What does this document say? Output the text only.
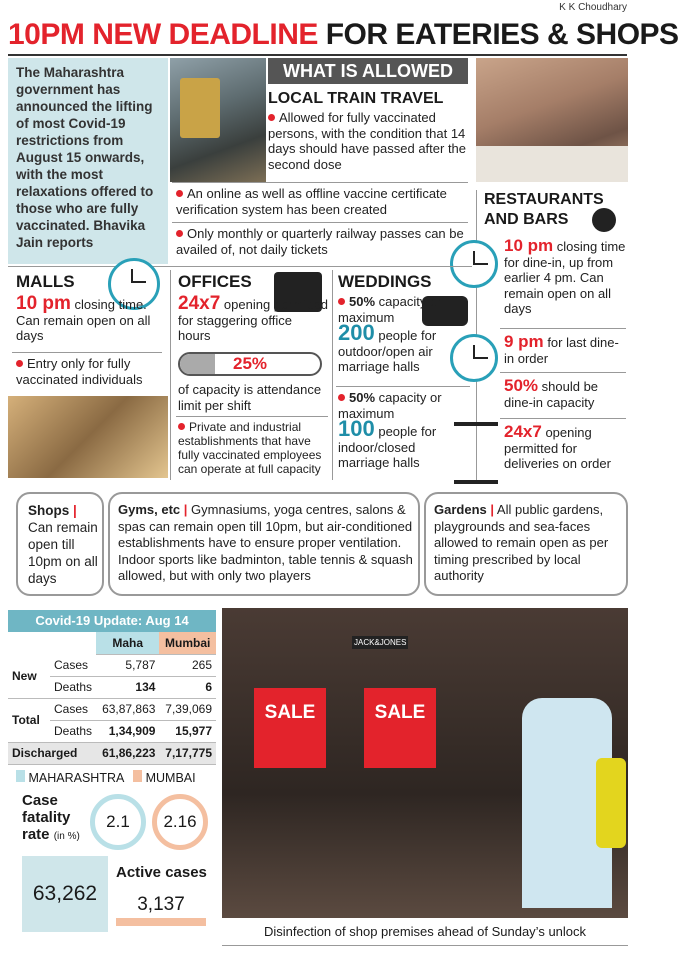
K K Choudhary
10PM NEW DEADLINE FOR EATERIES & SHOPS
The Maharashtra government has announced the lifting of most Covid-19 restrictions from August 15 onwards, with the most relaxations offered to those who are fully vaccinated. Bhavika Jain reports
WHAT IS ALLOWED
LOCAL TRAIN TRAVEL
Allowed for fully vaccinated persons, with the condition that 14 days should have passed after the second dose
An online as well as offline vaccine certificate verification system has been created
Only monthly or quarterly railway passes can be availed of, not daily tickets
RESTAURANTS
AND BARS
10 pm closing time for dine-in, up from earlier 4 pm. Can remain open on all days
9 pm for last dine-in order
50% should be dine-in capacity
24x7 opening permitted for deliveries on order
MALLS
10 pm closing time. Can remain open on all days
Entry only for fully vaccinated individuals
OFFICES
24x7 opening permitted for staggering office hours
25%
of capacity is attendance limit per shift
Private and industrial establishments that have fully vaccinated employees can operate at full capacity
WEDDINGS
50% capacity or maximum
200 people for outdoor/open air marriage halls
50% capacity or maximum
100 people for indoor/closed marriage halls
Shops | Can remain open till 10pm on all days
Gyms, etc | Gymnasiums, yoga centres, salons & spas can remain open till 10pm, but air-conditioned establishments have to ensure proper ventilation. Indoor sports like badminton, table tennis & squash allowed, but with only two players
Gardens | All public gardens, playgrounds and sea-faces allowed to remain open as per timing prescribed by local authority
Covid-19 Update: Aug 14
		Maha	Mumbai
New	Cases	5,787	265
	Deaths	134	6
Total	Cases	63,87,863	7,39,069
	Deaths	1,34,909	15,977
Discharged		61,86,223	7,17,775
MAHARASHTRA MUMBAI
Case fatality rate (in %)
2.1	2.16
63,262
Active cases
3,137
SALE	SALE
JACK&JONES
Disinfection of shop premises ahead of Sunday’s unlock
